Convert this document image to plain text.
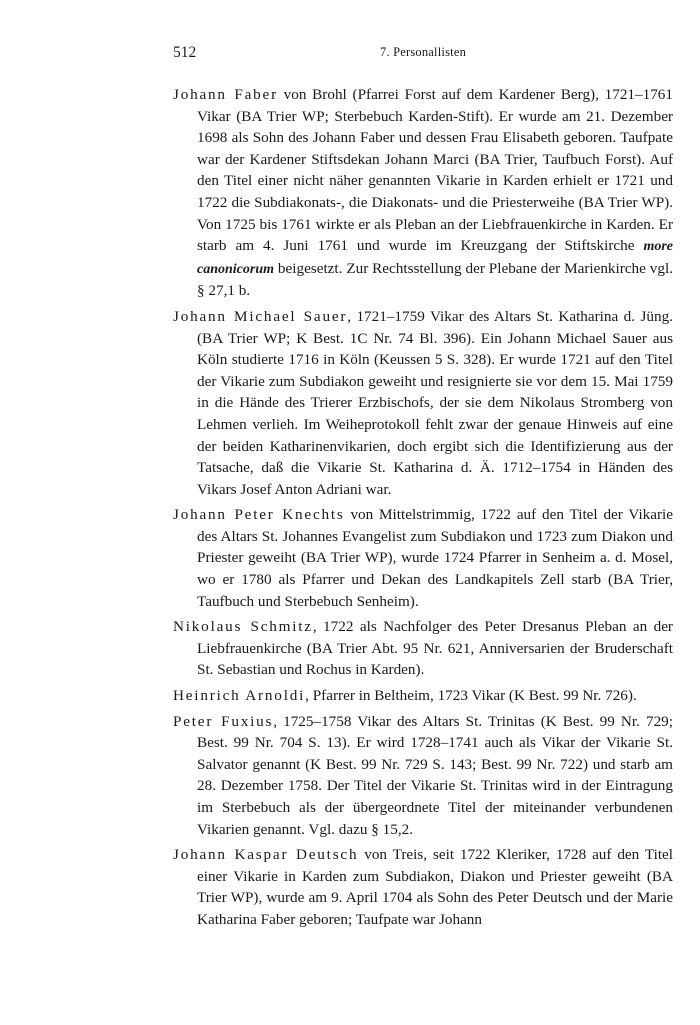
512	7. Personallisten

Johann Faber von Brohl (Pfarrei Forst auf dem Kardener Berg), 1721–1761 Vikar (BA Trier WP; Sterbebuch Karden-Stift). Er wurde am 21. Dezember 1698 als Sohn des Johann Faber und dessen Frau Elisabeth geboren. Taufpate war der Kardener Stiftsdekan Johann Marci (BA Trier, Taufbuch Forst). Auf den Titel einer nicht näher genannten Vikarie in Karden erhielt er 1721 und 1722 die Subdiakonats-, die Diakonats- und die Priesterweihe (BA Trier WP). Von 1725 bis 1761 wirkte er als Pleban an der Liebfrauenkirche in Karden. Er starb am 4. Juni 1761 und wurde im Kreuzgang der Stiftskirche more canonicorum beigesetzt. Zur Rechtsstellung der Plebane der Marienkirche vgl. § 27,1 b.

Johann Michael Sauer, 1721–1759 Vikar des Altars St. Katharina d. Jüng. (BA Trier WP; K Best. 1C Nr. 74 Bl. 396). Ein Johann Michael Sauer aus Köln studierte 1716 in Köln (Keussen 5 S. 328). Er wurde 1721 auf den Titel der Vikarie zum Subdiakon geweiht und resignierte sie vor dem 15. Mai 1759 in die Hände des Trierer Erzbischofs, der sie dem Nikolaus Stromberg von Lehmen verlieh. Im Weiheprotokoll fehlt zwar der genaue Hinweis auf eine der beiden Katharinenvikarien, doch ergibt sich die Identifizierung aus der Tatsache, daß die Vikarie St. Katharina d. Ä. 1712–1754 in Händen des Vikars Josef Anton Adriani war.

Johann Peter Knechts von Mittelstrimmig, 1722 auf den Titel der Vikarie des Altars St. Johannes Evangelist zum Subdiakon und 1723 zum Diakon und Priester geweiht (BA Trier WP), wurde 1724 Pfarrer in Senheim a. d. Mosel, wo er 1780 als Pfarrer und Dekan des Landkapitels Zell starb (BA Trier, Taufbuch und Sterbebuch Senheim).

Nikolaus Schmitz, 1722 als Nachfolger des Peter Dresanus Pleban an der Liebfrauenkirche (BA Trier Abt. 95 Nr. 621, Anniversarien der Bruderschaft St. Sebastian und Rochus in Karden).

Heinrich Arnoldi, Pfarrer in Beltheim, 1723 Vikar (K Best. 99 Nr. 726).

Peter Fuxius, 1725–1758 Vikar des Altars St. Trinitas (K Best. 99 Nr. 729; Best. 99 Nr. 704 S. 13). Er wird 1728–1741 auch als Vikar der Vikarie St. Salvator genannt (K Best. 99 Nr. 729 S. 143; Best. 99 Nr. 722) und starb am 28. Dezember 1758. Der Titel der Vikarie St. Trinitas wird in der Eintragung im Sterbebuch als der übergeordnete Titel der miteinander verbundenen Vikarien genannt. Vgl. dazu § 15,2.

Johann Kaspar Deutsch von Treis, seit 1722 Kleriker, 1728 auf den Titel einer Vikarie in Karden zum Subdiakon, Diakon und Priester geweiht (BA Trier WP), wurde am 9. April 1704 als Sohn des Peter Deutsch und der Marie Katharina Faber geboren; Taufpate war Johann
